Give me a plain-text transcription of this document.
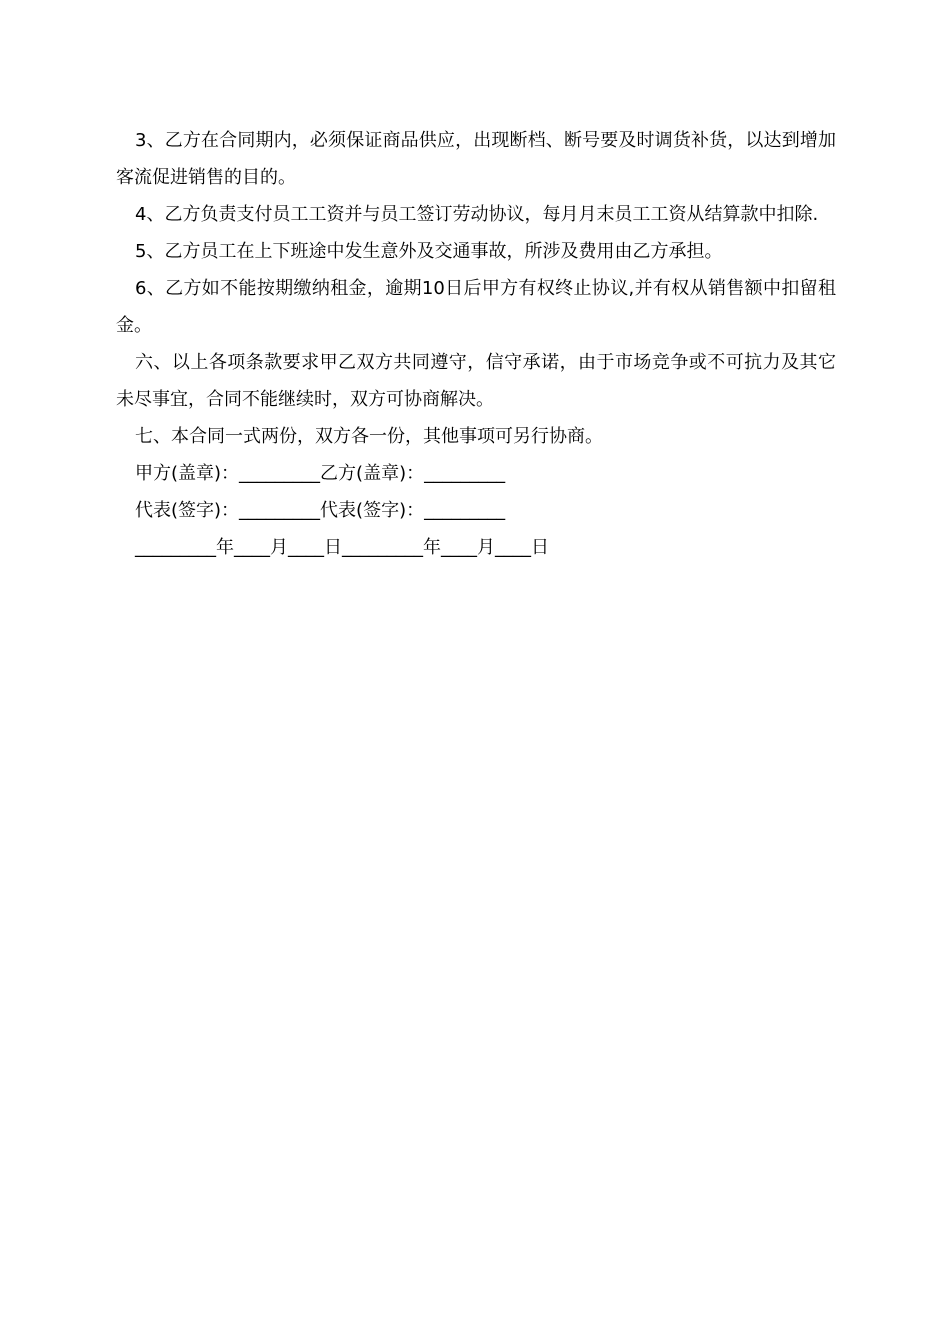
3、乙方在合同期内，必须保证商品供应，出现断档、断号要及时调货补货，以达到增加客流促进销售的目的。

4、乙方负责支付员工工资并与员工签订劳动协议，每月月末员工工资从结算款中扣除.

5、乙方员工在上下班途中发生意外及交通事故，所涉及费用由乙方承担。

6、乙方如不能按期缴纳租金，逾期10日后甲方有权终止协议,并有权从销售额中扣留租金。

六、以上各项条款要求甲乙双方共同遵守，信守承诺，由于市场竞争或不可抗力及其它未尽事宜，合同不能继续时，双方可协商解决。

七、本合同一式两份，双方各一份，其他事项可另行协商。

甲方(盖章)：_________乙方(盖章)：_________

代表(签字)：_________代表(签字)：_________

_________年____月____日_________年____月____日
